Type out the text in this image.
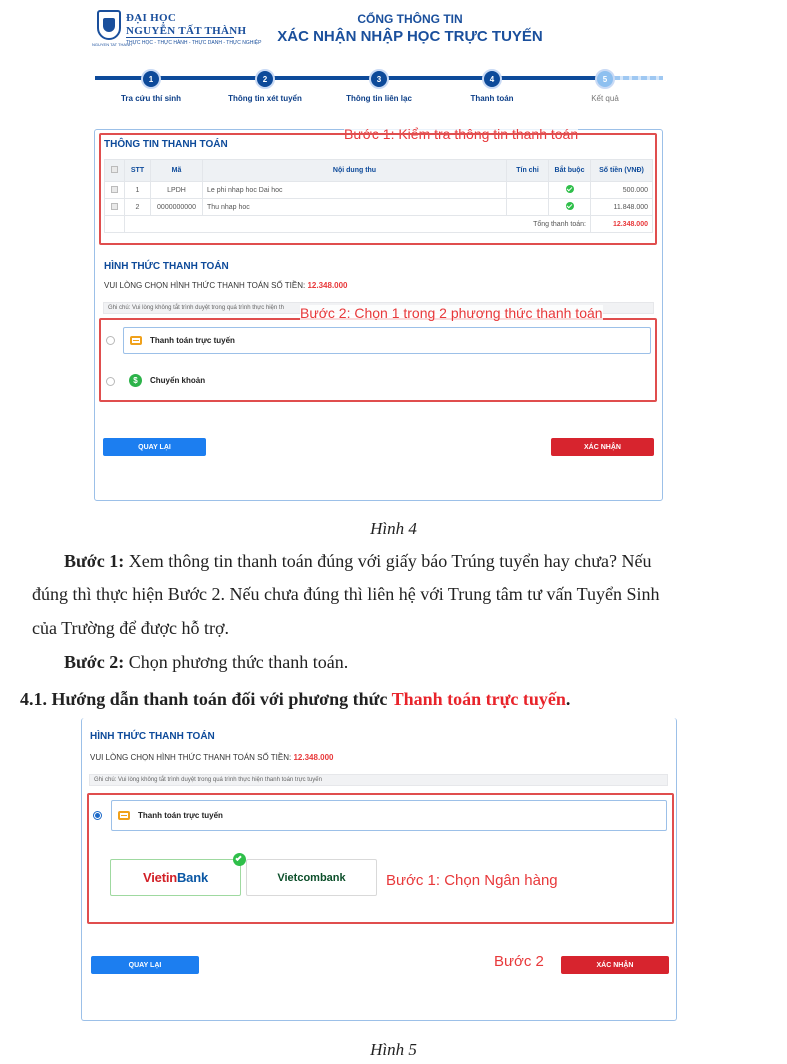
NGUYEN TAT THANH
ĐẠI HỌC
NGUYỄN TẤT THÀNH
THỰC HỌC - THỰC HÀNH - THỰC DANH - THỰC NGHIỆP
CỔNG THÔNG TIN
XÁC NHẬN NHẬP HỌC TRỰC TUYẾN
1	2	3	4	5
Tra cứu thí sinh	Thông tin xét tuyển	Thông tin liên lạc	Thanh toán	Kết quả
THÔNG TIN THANH TOÁN
Bước 1: Kiểm tra thông tin thanh toán
	STT	Mã	Nội dung thu	Tín chỉ	Bắt buộc	Số tiền (VNĐ)
	1	LPDH	Le phi nhap hoc Dai hoc			500.000
	2	0000000000	Thu nhap hoc			11.848.000
	Tổng thanh toán:					12.348.000
HÌNH THỨC THANH TOÁN
VUI LÒNG CHỌN HÌNH THỨC THANH TOÁN SỐ TIỀN: 12.348.000
Ghi chú: Vui lòng không tắt trình duyệt trong quá trình thực hiện th
Thanh toán trực tuyến
$	Chuyển khoản
Bước 2: Chọn 1 trong 2 phương thức thanh toán
QUAY LẠI	XÁC NHẬN
Hình 4
Bước 1: Xem thông tin thanh toán đúng với giấy báo Trúng tuyển hay chưa? Nếu
đúng thì thực hiện Bước 2. Nếu chưa đúng thì liên hệ với Trung tâm tư vấn Tuyển Sinh
của Trường để được hỗ trợ.
Bước 2: Chọn phương thức thanh toán.
4.1. Hướng dẫn thanh toán đối với phương thức Thanh toán trực tuyến.
HÌNH THỨC THANH TOÁN
VUI LÒNG CHỌN HÌNH THỨC THANH TOÁN SỐ TIỀN: 12.348.000
Ghi chú: Vui lòng không tắt trình duyệt trong quá trình thực hiện thanh toán trực tuyến
Thanh toán trực tuyến
VietinBank	Vietcombank	Bước 1: Chọn Ngân hàng
Bước 2
QUAY LẠI	XÁC NHẬN
Hình 5
